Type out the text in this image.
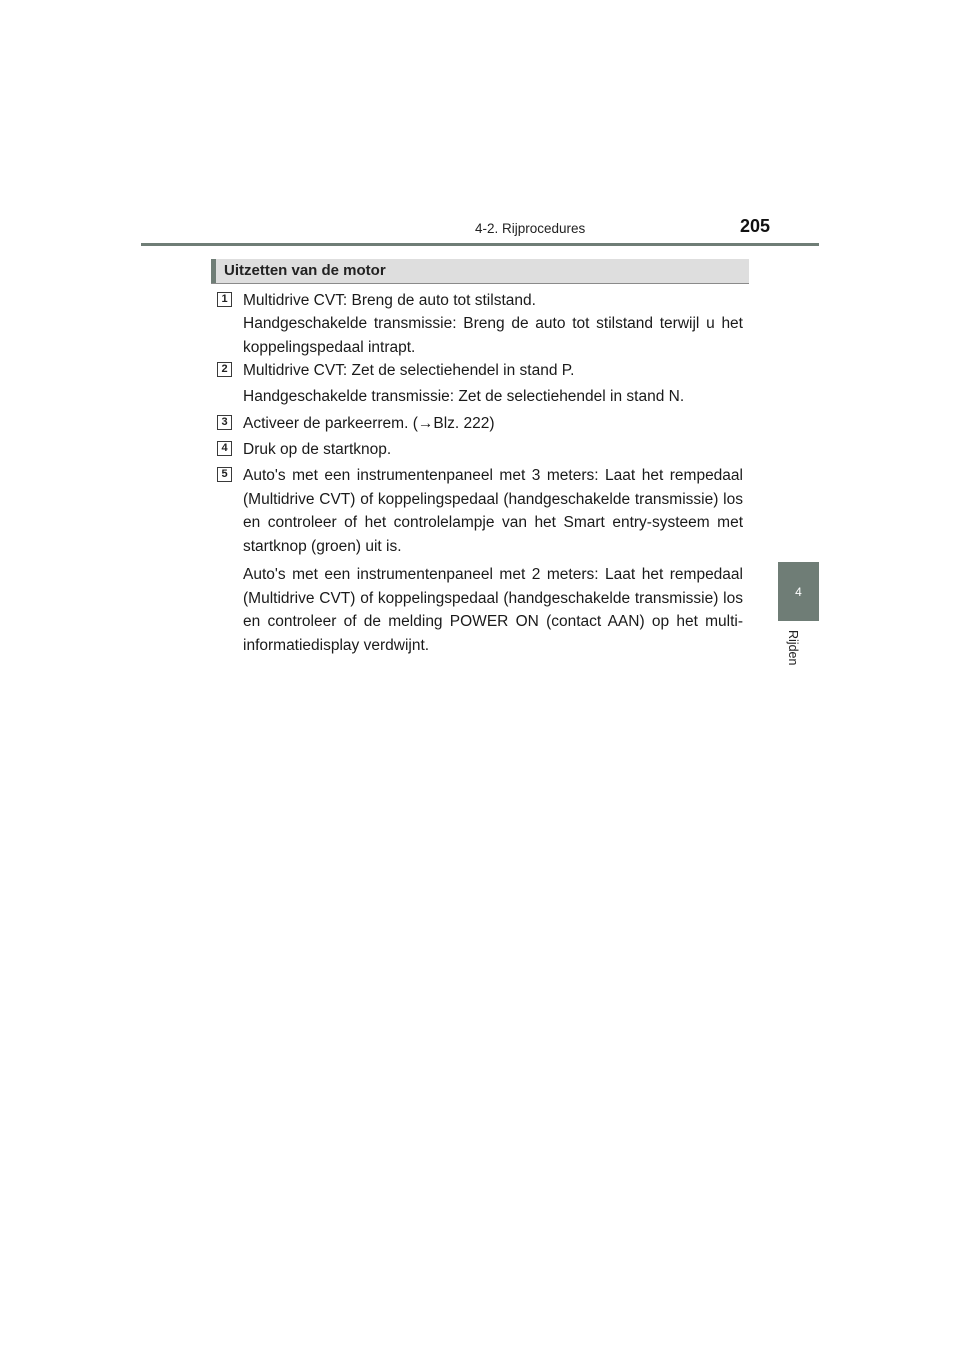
4-2. Rijprocedures	205
4
Rijden
Uitzetten van de motor
1 Multidrive CVT: Breng de auto tot stilstand.
Handgeschakelde transmissie: Breng de auto tot stilstand terwijl u het koppelingspedaal intrapt.
2 Multidrive CVT: Zet de selectiehendel in stand P.
Handgeschakelde transmissie: Zet de selectiehendel in stand N.
3 Activeer de parkeerrem. (→Blz. 222)
4 Druk op de startknop.
5 Auto's met een instrumentenpaneel met 3 meters: Laat het rempedaal (Multidrive CVT) of koppelingspedaal (handgeschakelde transmissie) los en controleer of het controlelampje van het Smart entry-systeem met startknop (groen) uit is.
Auto's met een instrumentenpaneel met 2 meters: Laat het rempedaal (Multidrive CVT) of koppelingspedaal (handgeschakelde transmissie) los en controleer of de melding POWER ON (contact AAN) op het multi-informatiedisplay verdwijnt.
